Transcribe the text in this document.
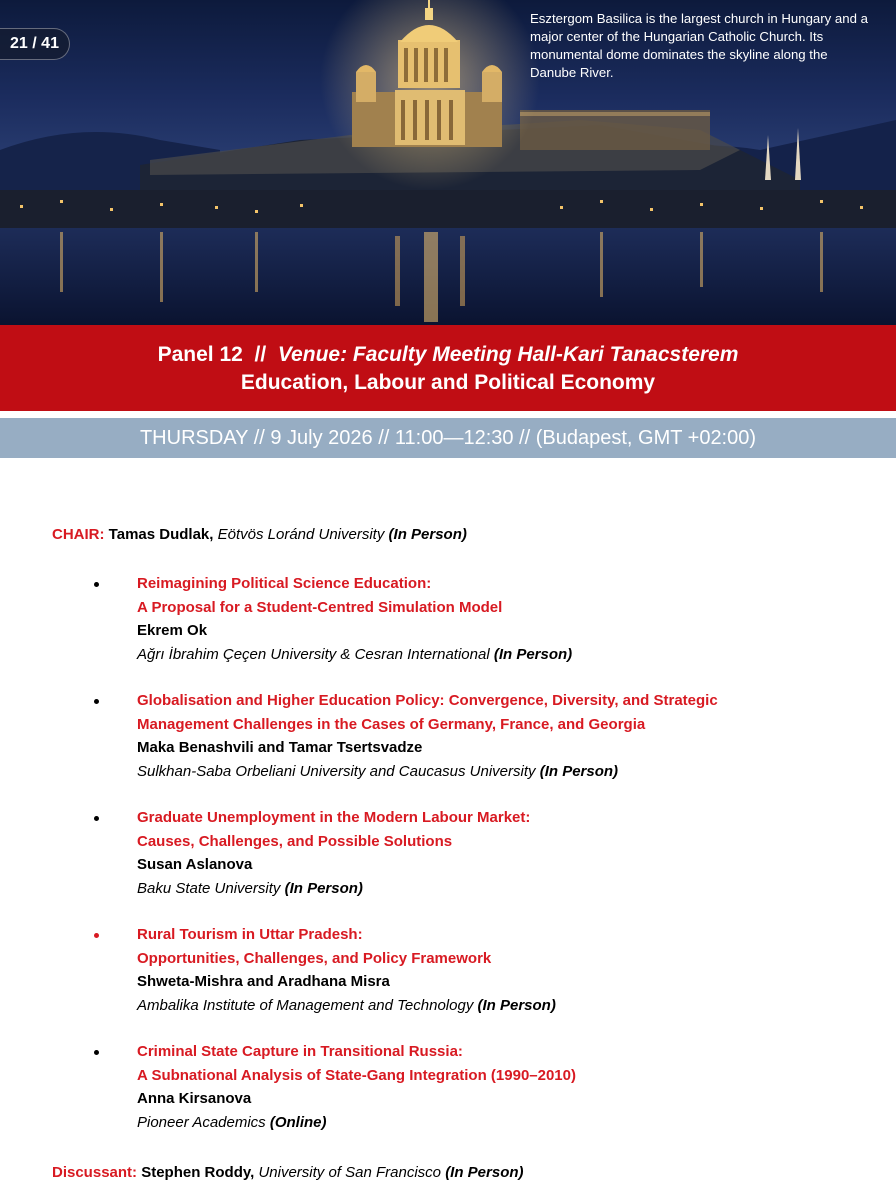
21 / 41
Esztergom Basilica is the largest church in Hungary and a major center of the Hungarian Catholic Church. Its monumental dome dominates the skyline along the Danube River.
Panel 12  //  Venue: Faculty Meeting Hall-Kari Tanacsterem
Education, Labour and Political Economy
THURSDAY // 9 July 2026 // 11:00—12:30 // (Budapest, GMT +02:00)
CHAIR: Tamas Dudlak, Eötvös Loránd University (In Person)
Reimagining Political Science Education:
A Proposal for a Student-Centred Simulation Model
Ekrem Ok
Ağrı İbrahim Çeçen University & Cesran International (In Person)
Globalisation and Higher Education Policy: Convergence, Diversity, and Strategic
Management Challenges in the Cases of Germany, France, and Georgia
Maka Benashvili and Tamar Tsertsvadze
Sulkhan-Saba Orbeliani University and Caucasus University (In Person)
Graduate Unemployment in the Modern Labour Market:
Causes, Challenges, and Possible Solutions
Susan Aslanova
Baku State University (In Person)
Rural Tourism in Uttar Pradesh:
Opportunities, Challenges, and Policy Framework
Shweta-Mishra and Aradhana Misra
Ambalika Institute of Management and Technology (In Person)
Criminal State Capture in Transitional Russia:
A Subnational Analysis of State-Gang Integration (1990–2010)
Anna Kirsanova
Pioneer Academics (Online)
Discussant: Stephen Roddy, University of San Francisco (In Person)
